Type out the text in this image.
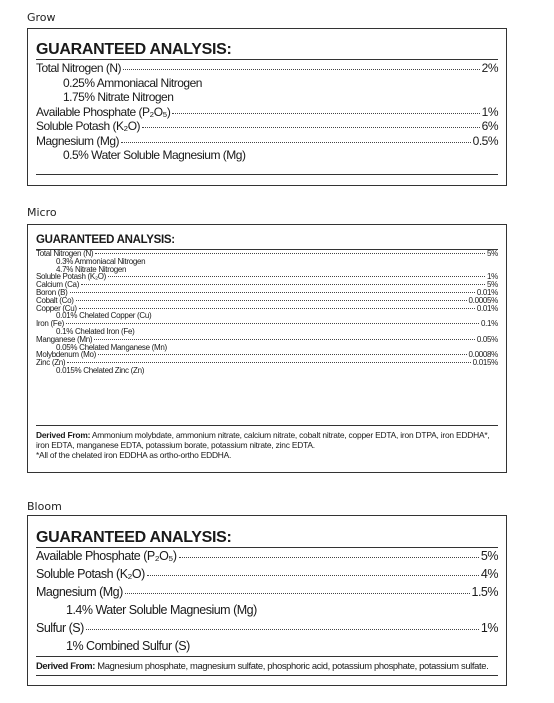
Grow
GUARANTEED ANALYSIS:
Total Nitrogen (N)	2%
0.25% Ammoniacal Nitrogen
1.75% Nitrate Nitrogen
Available Phosphate (P₂O₅)	1%
Soluble Potash (K₂O)	6%
Magnesium (Mg)	0.5%
0.5% Water Soluble Magnesium (Mg)
Micro
GUARANTEED ANALYSIS:
Total Nitrogen (N)	5%
0.3% Ammoniacal Nitrogen
4.7% Nitrate Nitrogen
Soluble Potash (K₂O)	1%
Calcium (Ca)	5%
Boron (B)	0.01%
Cobalt (Co)	0.0005%
Copper (Cu)	0.01%
0.01% Chelated Copper (Cu)
Iron (Fe)	0.1%
0.1% Chelated Iron (Fe)
Manganese (Mn)	0.05%
0.05% Chelated Manganese (Mn)
Molybdenum (Mo)	0.0008%
Zinc (Zn)	0.015%
0.015% Chelated Zinc (Zn)
Derived From: Ammonium molybdate, ammonium nitrate, calcium nitrate, cobalt nitrate, copper EDTA, iron DTPA, iron EDDHA*, iron EDTA, manganese EDTA, potassium borate, potassium nitrate, zinc EDTA.
*All of the chelated iron EDDHA as ortho-ortho EDDHA.
Bloom
GUARANTEED ANALYSIS:
Available Phosphate (P₂O₅)	5%
Soluble Potash (K₂O)	4%
Magnesium (Mg)	1.5%
1.4% Water Soluble Magnesium (Mg)
Sulfur (S)	1%
1% Combined Sulfur (S)
Derived From: Magnesium phosphate, magnesium sulfate, phosphoric acid, potassium phosphate, potassium sulfate.
